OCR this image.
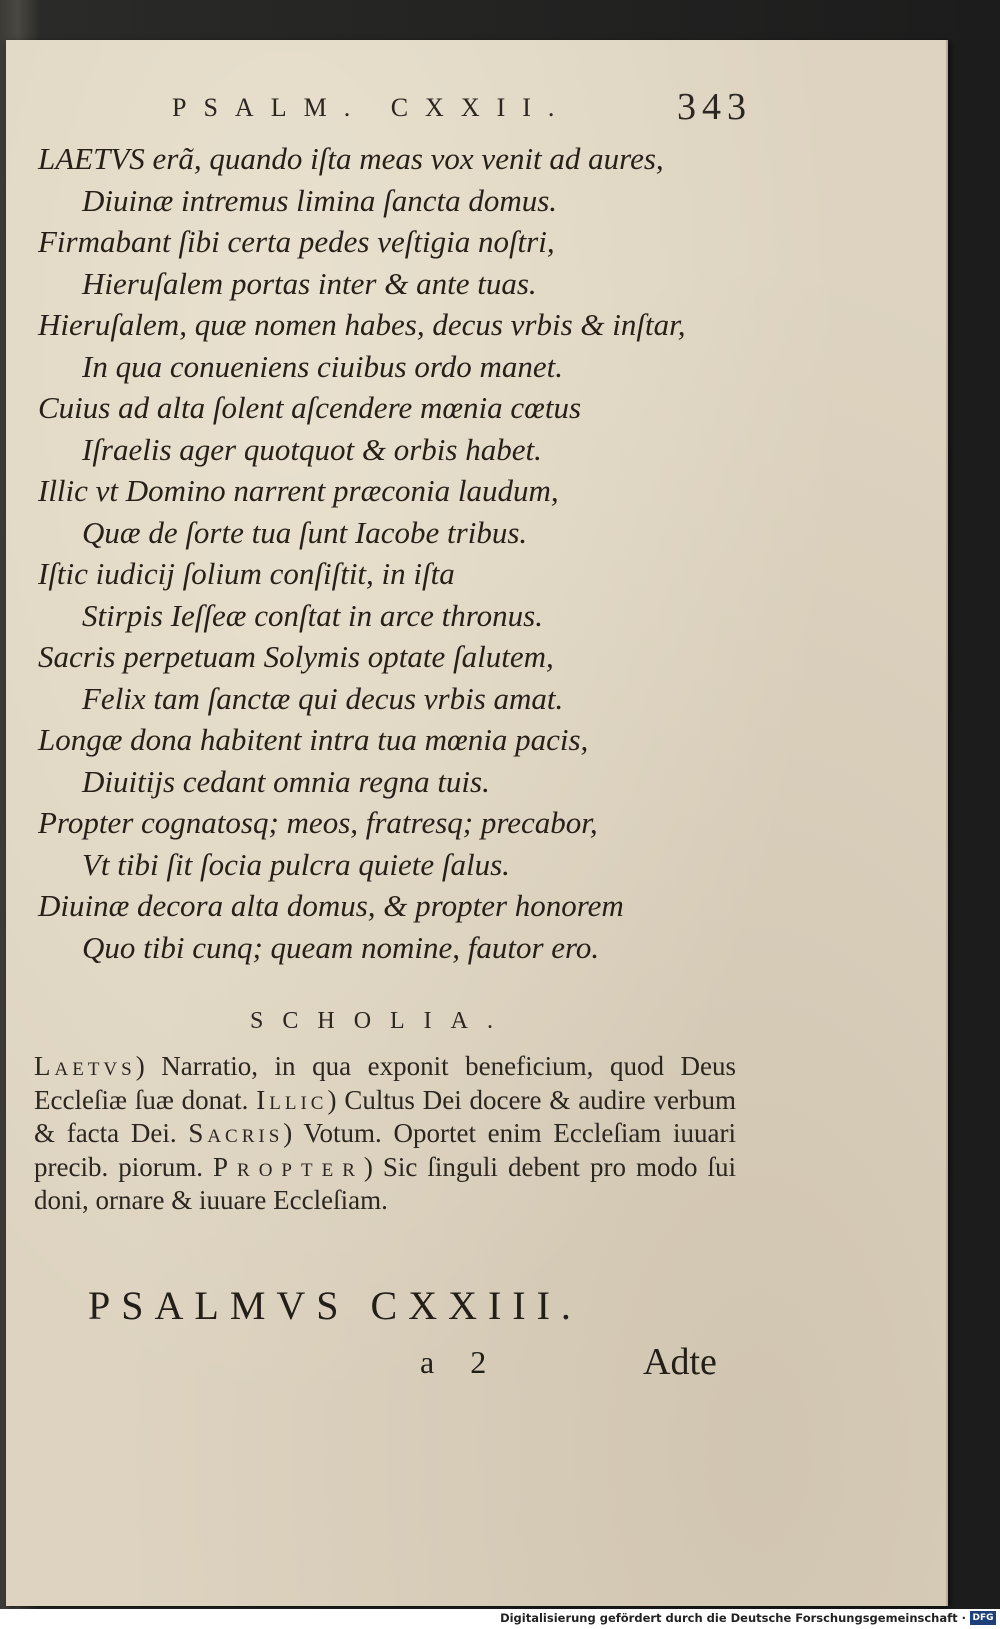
PSALM. CXXII.	343
LAETVS erã, quando iſta meas vox venit ad aures,
Diuinæ intremus limina ſancta domus.
Firmabant ſibi certa pedes veſtigia noſtri,
Hieruſalem portas inter & ante tuas.
Hieruſalem, quæ nomen habes, decus vrbis & inſtar,
In qua conueniens ciuibus ordo manet.
Cuius ad alta ſolent aſcendere mœnia cœtus
Iſraelis ager quotquot & orbis habet.
Illic vt Domino narrent præconia laudum,
Quæ de ſorte tua ſunt Iacobe tribus.
Iſtic iudicij ſolium conſiſtit, in iſta
Stirpis Ieſſeæ conſtat in arce thronus.
Sacris perpetuam Solymis optate ſalutem,
Felix tam ſanctæ qui decus vrbis amat.
Longæ dona habitent intra tua mœnia pacis,
Diuitijs cedant omnia regna tuis.
Propter cognatosq; meos, fratresq; precabor,
Vt tibi ſit ſocia pulcra quiete ſalus.
Diuinæ decora alta domus, & propter honorem
Quo tibi cunq; queam nomine, fautor ero.
SCHOLIA.
Laetvs) Narratio, in qua exponit beneficium, quod Deus Eccleſiæ ſuæ donat. Illic) Cultus Dei docere & audire verbum & facta Dei. Sacris) Votum. Oportet enim Eccleſiam iuuari precib. piorum. Propter) Sic ſinguli debent pro modo ſui doni, ornare & iuuare Eccleſiam.
PSALMVS CXXIII.
a 2	Adte
Digitalisierung gefördert durch die Deutsche Forschungsgemeinschaft · DFG
